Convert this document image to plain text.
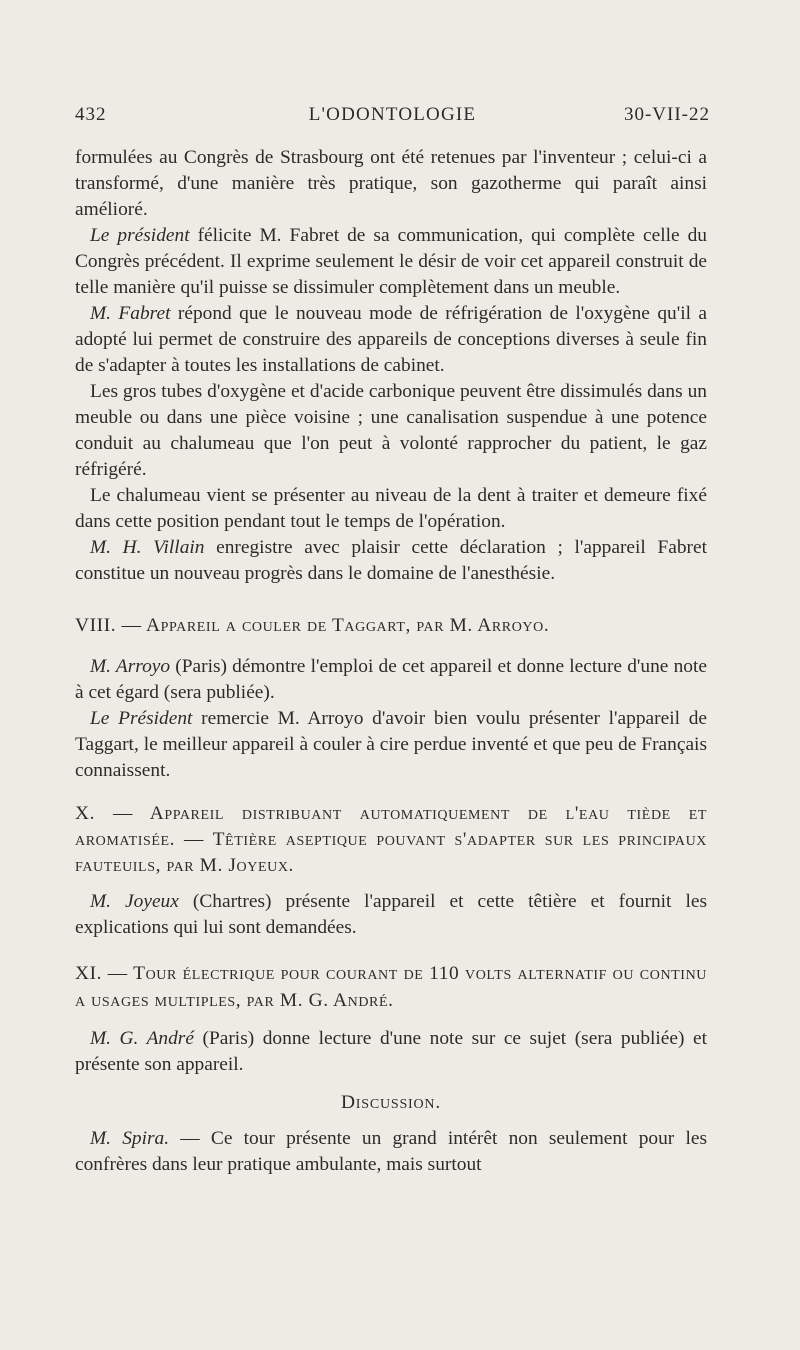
432	L'ODONTOLOGIE	30-VII-22

formulées au Congrès de Strasbourg ont été retenues par l'inventeur ; celui-ci a transformé, d'une manière très pratique, son gazotherme qui paraît ainsi amélioré.

Le président félicite M. Fabret de sa communication, qui complète celle du Congrès précédent. Il exprime seulement le désir de voir cet appareil construit de telle manière qu'il puisse se dissimuler complètement dans un meuble.

M. Fabret répond que le nouveau mode de réfrigération de l'oxygène qu'il a adopté lui permet de construire des appareils de conceptions diverses à seule fin de s'adapter à toutes les installations de cabinet.

Les gros tubes d'oxygène et d'acide carbonique peuvent être dissimulés dans un meuble ou dans une pièce voisine ; une canalisation suspendue à une potence conduit au chalumeau que l'on peut à volonté rapprocher du patient, le gaz réfrigéré.

Le chalumeau vient se présenter au niveau de la dent à traiter et demeure fixé dans cette position pendant tout le temps de l'opération.

M. H. Villain enregistre avec plaisir cette déclaration ; l'appareil Fabret constitue un nouveau progrès dans le domaine de l'anesthésie.

VIII. — Appareil a couler de Taggart, par M. Arroyo.

M. Arroyo (Paris) démontre l'emploi de cet appareil et donne lecture d'une note à cet égard (sera publiée).

Le Président remercie M. Arroyo d'avoir bien voulu présenter l'appareil de Taggart, le meilleur appareil à couler à cire perdue inventé et que peu de Français connaissent.

X. — Appareil distribuant automatiquement de l'eau tiède et aromatisée. — Têtière aseptique pouvant s'adapter sur les principaux fauteuils, par M. Joyeux.

M. Joyeux (Chartres) présente l'appareil et cette têtière et fournit les explications qui lui sont demandées.

XI. — Tour électrique pour courant de 110 volts alternatif ou continu a usages multiples, par M. G. André.

M. G. André (Paris) donne lecture d'une note sur ce sujet (sera publiée) et présente son appareil.

Discussion.

M. Spira. — Ce tour présente un grand intérêt non seulement pour les confrères dans leur pratique ambulante, mais surtout
